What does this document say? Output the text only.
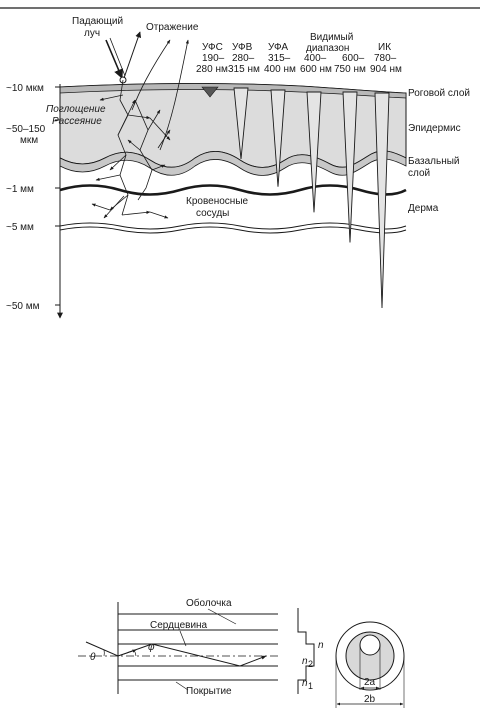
~10 мкм
~50–150
мкм
~1 мм
~5 мм
~50 мм
Падающий
луч
Отражение
Поглощение
Рассеяние
Кровеносные
сосуды
Роговой слой
Эпидермис
Базальный
слой
Дерма
УФС
190–
280 нм
УФВ
280–
315 нм
УФА
315–
400 нм
Видимый
диапазон
400–
600 нм
600–
750 нм
ИК
780–
904 нм
θ
φ
Оболочка
Сердцевина
Покрытие
n
n 2
n 1	2a
2b
